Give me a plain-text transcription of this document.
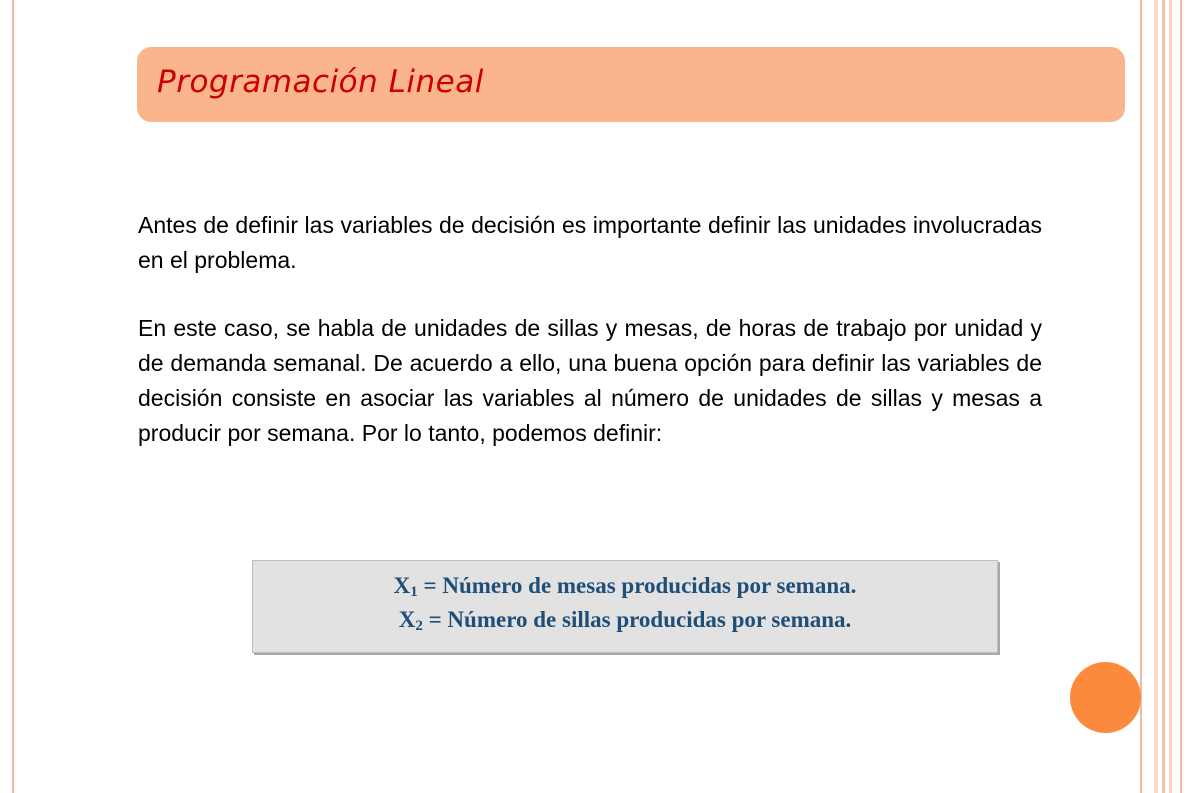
Programación Lineal

Antes de definir las variables de decisión es importante definir las unidades involucradas en el problema.

En este caso, se habla de unidades de sillas y mesas, de horas de trabajo por unidad y de demanda semanal. De acuerdo a ello, una buena opción para definir las variables de decisión consiste en asociar las variables al número de unidades de sillas y mesas a producir por semana. Por lo tanto, podemos definir:

$X_1$ = Número de mesas producidas por semana.
$X_2$ = Número de sillas producidas por semana.
